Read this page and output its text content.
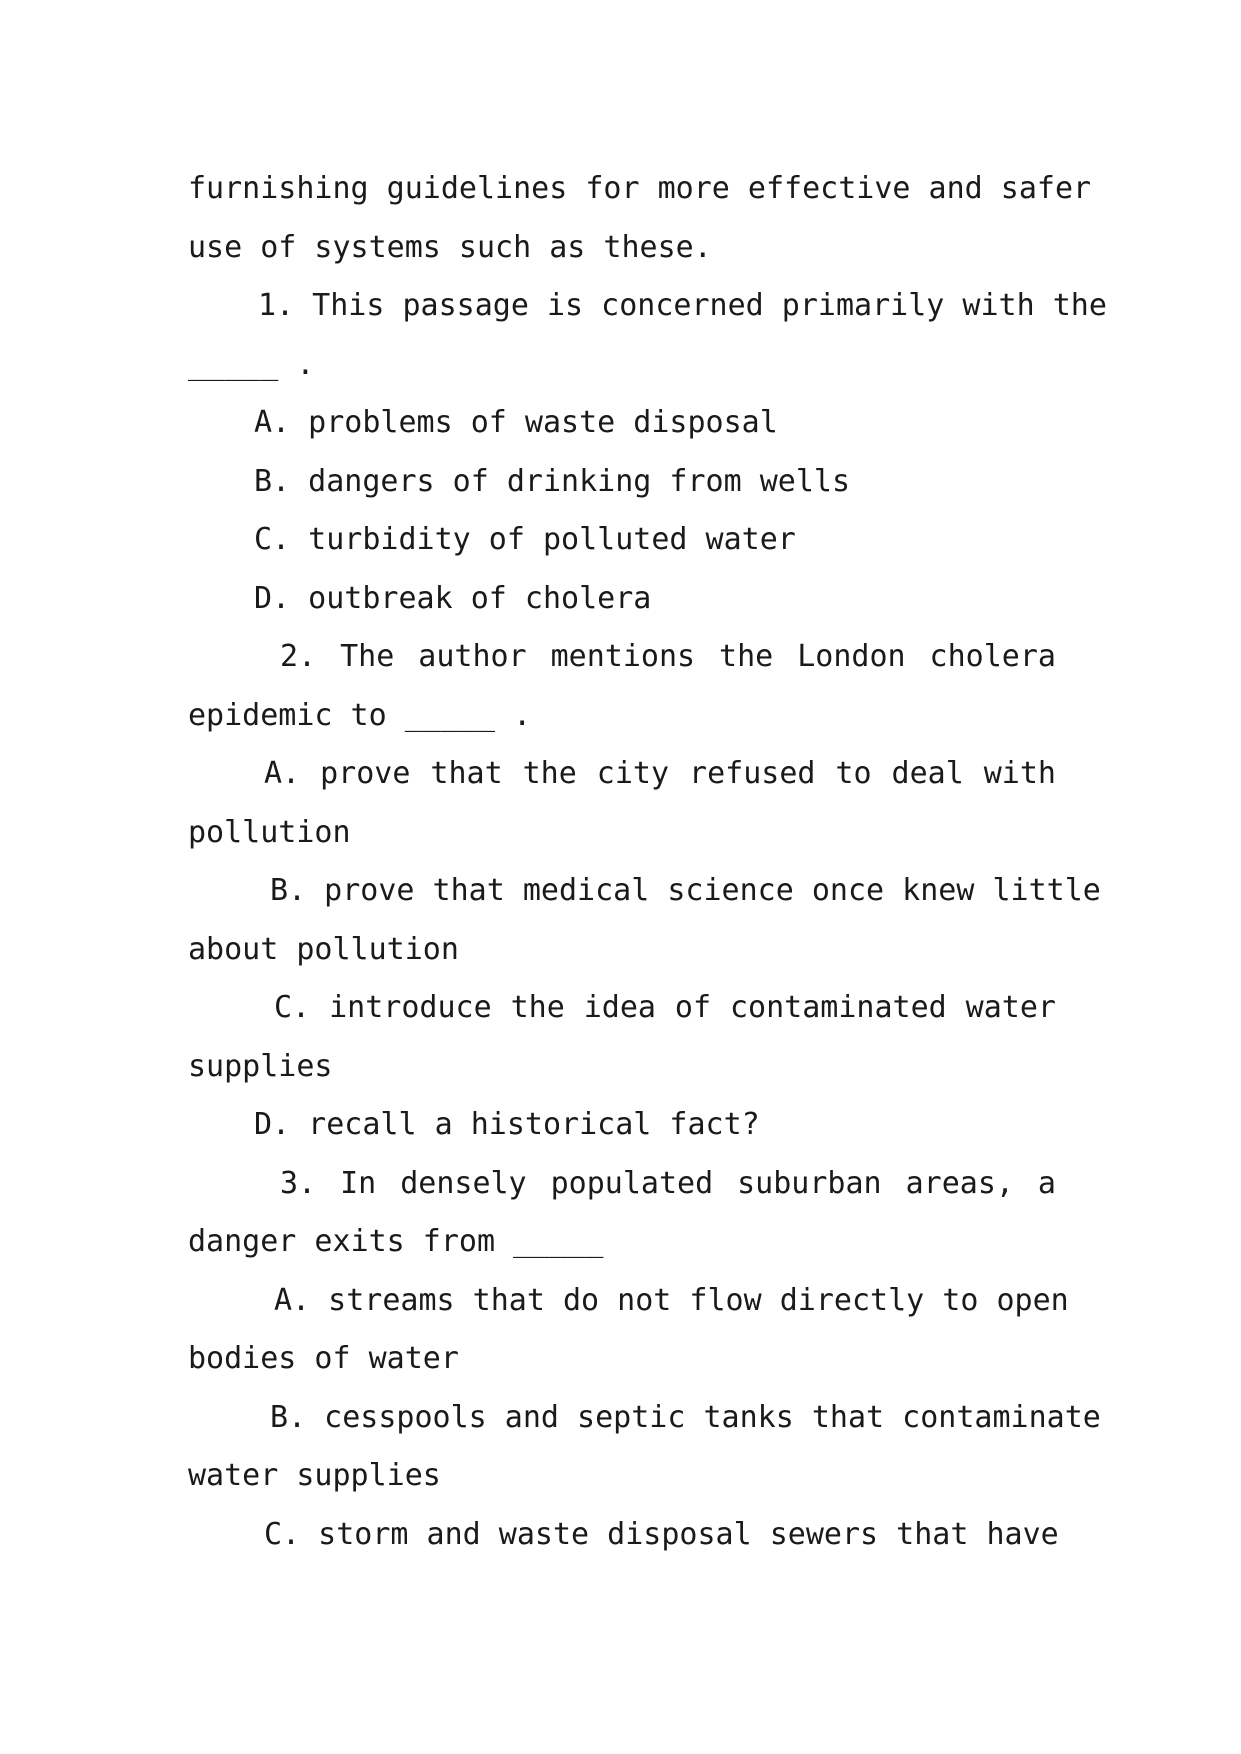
furnishing guidelines for more effective and safer
use of systems such as these.
1. This passage is concerned primarily with the
_____ .
A. problems of waste disposal
B. dangers of drinking from wells
C. turbidity of polluted water
D. outbreak of cholera
2. The author mentions the London cholera
epidemic to _____ .
A. prove that the city refused to deal with
pollution
B. prove that medical science once knew little
about pollution
C. introduce the idea of contaminated water
supplies
D. recall a historical fact?
3. In densely populated suburban areas, a
danger exits from _____
A. streams that do not flow directly to open
bodies of water
B. cesspools and septic tanks that contaminate
water supplies
C. storm and waste disposal sewers that have
